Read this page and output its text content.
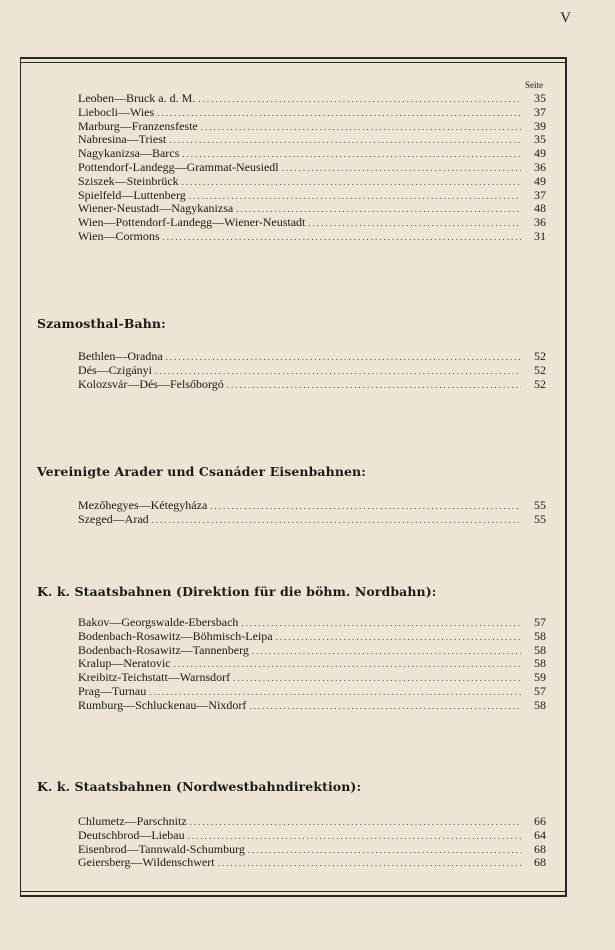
V
Seite
Leoben—Bruck a. d. M. .....	35
Liebocli—Wies .....	37
Marburg—Franzensfeste .....	39
Nabresina—Triest .....	35
Nagykanizsa—Barcs .....	49
Pottendorf-Landegg—Grammat-Neusiedl .....	36
Sziszek—Steinbrück .....	49
Spielfeld—Luttenberg .....	37
Wiener-Neustadt—Nagykanizsa .....	48
Wien—Pottendorf-Landegg—Wiener-Neustadt .....	36
Wien—Cormons .....	31
Szamosthal-Bahn:
Bethlen—Oradna .....	52
Dés—Czigányi .....	52
Kolozsvár—Dés—Felsőborgó .....	52
Vereinigte Arader und Csanáder Eisenbahnen:
Mezőhegyes—Kétegyháza .....	55
Szeged—Arad .....	55
K. k. Staatsbahnen (Direktion für die böhm. Nordbahn):
Bakov—Georgswalde-Ebersbach .....	57
Bodenbach-Rosawitz—Böhmisch-Leipa .....	58
Bodenbach-Rosawitz—Tannenberg .....	58
Kralup—Neratovic .....	58
Kreibitz-Teichstatt—Warnsdorf .....	59
Prag—Turnau .....	57
Rumburg—Schluckenau—Nixdorf .....	58
K. k. Staatsbahnen (Nordwestbahndirektion):
Chlumetz—Parschnitz .....	66
Deutschbrod—Liebau .....	64
Eisenbrod—Tannwald-Schumburg .....	68
Geiersberg—Wildenschwert .....	68
